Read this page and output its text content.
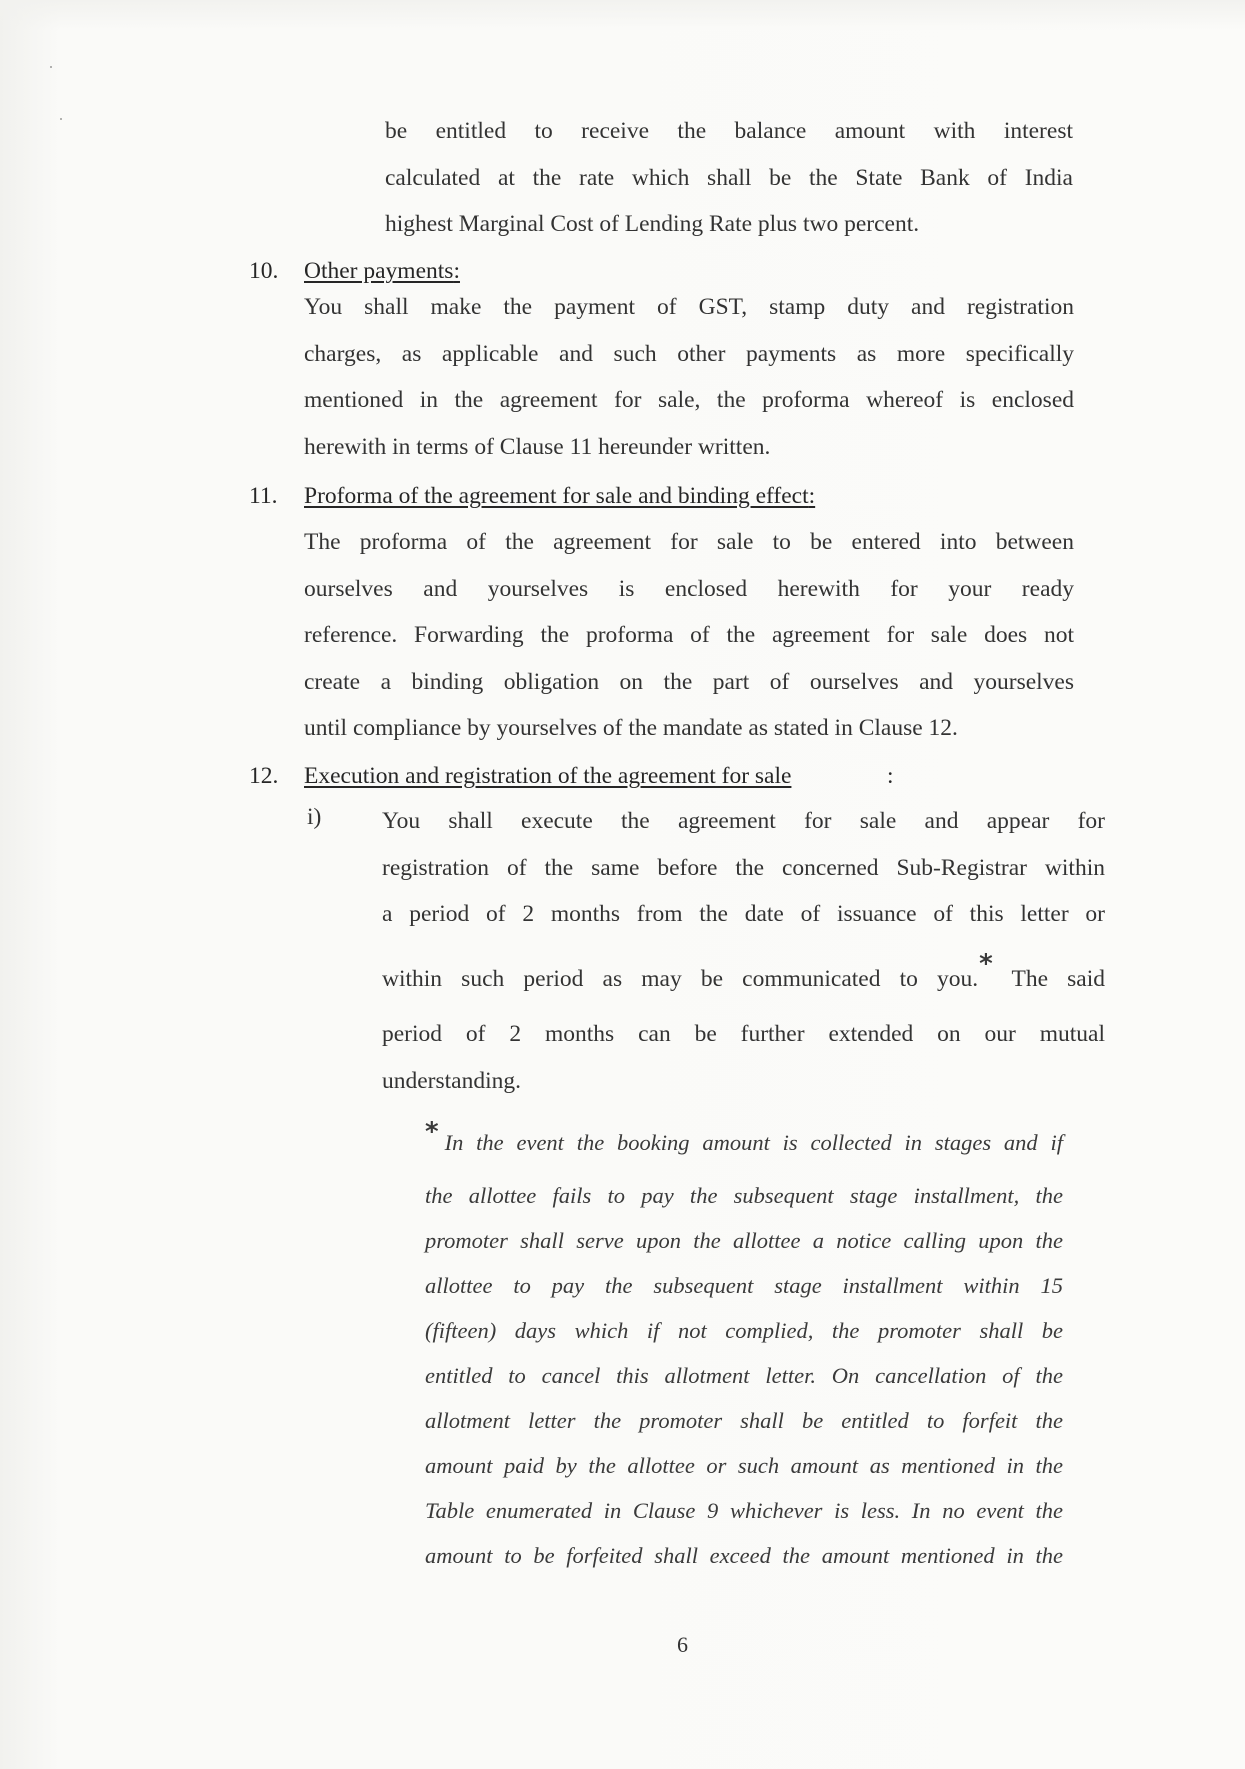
be entitled to receive the balance amount with interest
calculated at the rate which shall be the State Bank of India
highest Marginal Cost of Lending Rate plus two percent.
10. Other payments:
You shall make the payment of GST, stamp duty and registration
charges, as applicable and such other payments as more specifically
mentioned in the agreement for sale, the proforma whereof is enclosed
herewith in terms of Clause 11 hereunder written.
11. Proforma of the agreement for sale and binding effect:
The proforma of the agreement for sale to be entered into between
ourselves and yourselves is enclosed herewith for your ready
reference. Forwarding the proforma of the agreement for sale does not
create a binding obligation on the part of ourselves and yourselves
until compliance by yourselves of the mandate as stated in Clause 12.
12. Execution and registration of the agreement for sale	:
i)	You shall execute the agreement for sale and appear for
registration of the same before the concerned Sub-Registrar within
a period of 2 months from the date of issuance of this letter or
within such period as may be communicated to you.* The said
period of 2 months can be further extended on our mutual
understanding.
* In the event the booking amount is collected in stages and if
the allottee fails to pay the subsequent stage installment, the
promoter shall serve upon the allottee a notice calling upon the
allottee to pay the subsequent stage installment within 15
(fifteen) days which if not complied, the promoter shall be
entitled to cancel this allotment letter. On cancellation of the
allotment letter the promoter shall be entitled to forfeit the
amount paid by the allottee or such amount as mentioned in the
Table enumerated in Clause 9 whichever is less. In no event the
amount to be forfeited shall exceed the amount mentioned in the
6
